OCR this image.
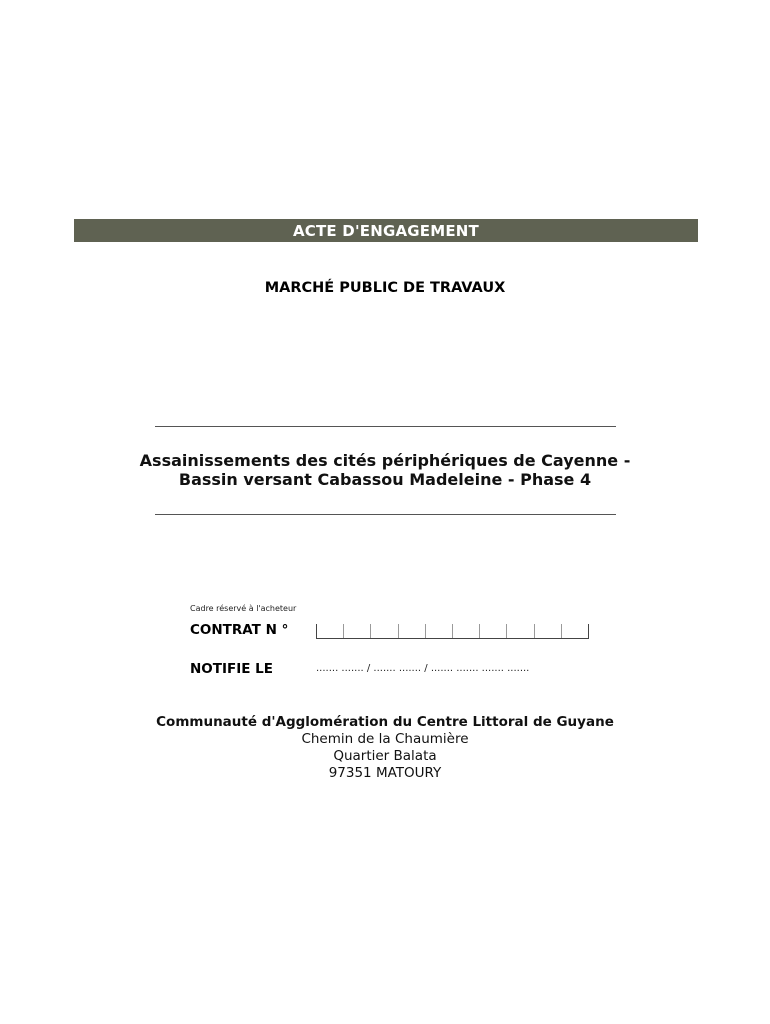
ACTE D'ENGAGEMENT
MARCHÉ PUBLIC DE TRAVAUX
Assainissements des cités périphériques de Cayenne -
Bassin versant Cabassou Madeleine - Phase 4
Cadre réservé à l'acheteur
CONTRAT N °
NOTIFIE LE	....... ....... / ....... ....... / ....... ....... ....... .......
Communauté d'Agglomération du Centre Littoral de Guyane
Chemin de la Chaumière
Quartier Balata
97351 MATOURY
